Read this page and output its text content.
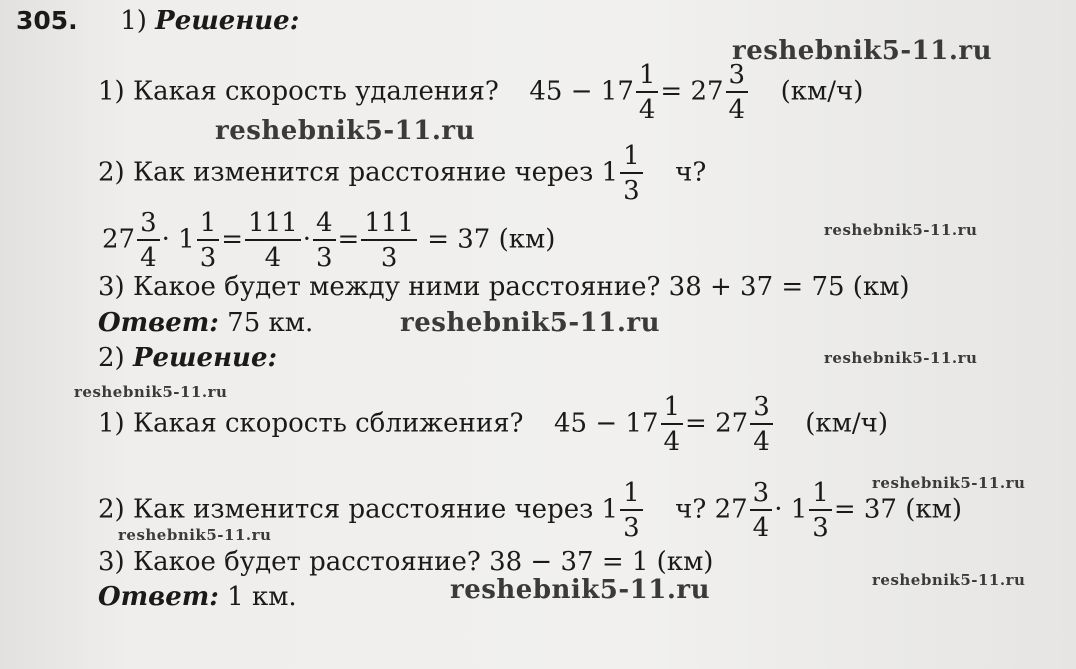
305. 1) Решение:
1) Какая скорость удаления? $45 - 17 \frac{1}{4} = 27 \frac{3}{4} (км/ч)$
2) Как изменится расстояние через $1 \frac{1}{3} ч$?
$27 \frac{3}{4} \cdot 1 \frac{1}{3} = \frac{111}{4} \cdot \frac{4}{3} = \frac{111}{3} = 37$ (км)
3) Какое будет между ними расстояние? 38 + 37 = 75 (км)
Ответ: 75 км.
2) Решение:
1) Какая скорость сближения? $45 - 17 \frac{1}{4} = 27 \frac{3}{4} (км/ч)$
2) Как изменится расстояние через $1 \frac{1}{3} ч$? $27 \frac{3}{4} \cdot 1 \frac{1}{3} = 37$ (км)
3) Какое будет расстояние? 38 − 37 = 1 (км)
Ответ: 1 км.
reshebnik5-11.ru
reshebnik5-11.ru
reshebnik5-11.ru
reshebnik5-11.ru
reshebnik5-11.ru
reshebnik5-11.ru
reshebnik5-11.ru
reshebnik5-11.ru
reshebnik5-11.ru
reshebnik5-11.ru
